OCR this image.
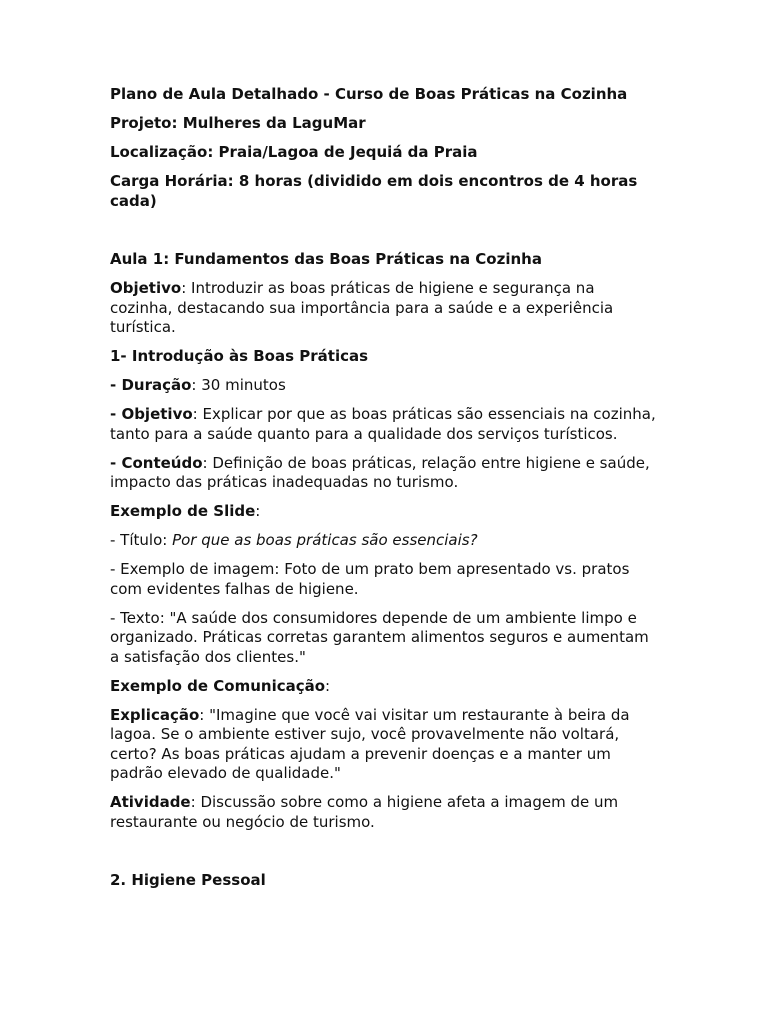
Plano de Aula Detalhado - Curso de Boas Práticas na Cozinha

Projeto: Mulheres da LaguMar

Localização: Praia/Lagoa de Jequiá da Praia

Carga Horária: 8 horas (dividido em dois encontros de 4 horas cada)

Aula 1: Fundamentos das Boas Práticas na Cozinha

Objetivo: Introduzir as boas práticas de higiene e segurança na cozinha, destacando sua importância para a saúde e a experiência turística.

1- Introdução às Boas Práticas

- Duração: 30 minutos

- Objetivo: Explicar por que as boas práticas são essenciais na cozinha, tanto para a saúde quanto para a qualidade dos serviços turísticos.

- Conteúdo: Definição de boas práticas, relação entre higiene e saúde, impacto das práticas inadequadas no turismo.

Exemplo de Slide:

- Título: Por que as boas práticas são essenciais?

- Exemplo de imagem: Foto de um prato bem apresentado vs. pratos com evidentes falhas de higiene.

- Texto: "A saúde dos consumidores depende de um ambiente limpo e organizado. Práticas corretas garantem alimentos seguros e aumentam a satisfação dos clientes."

Exemplo de Comunicação:

Explicação: "Imagine que você vai visitar um restaurante à beira da lagoa. Se o ambiente estiver sujo, você provavelmente não voltará, certo? As boas práticas ajudam a prevenir doenças e a manter um padrão elevado de qualidade."

Atividade: Discussão sobre como a higiene afeta a imagem de um restaurante ou negócio de turismo.

2. Higiene Pessoal
